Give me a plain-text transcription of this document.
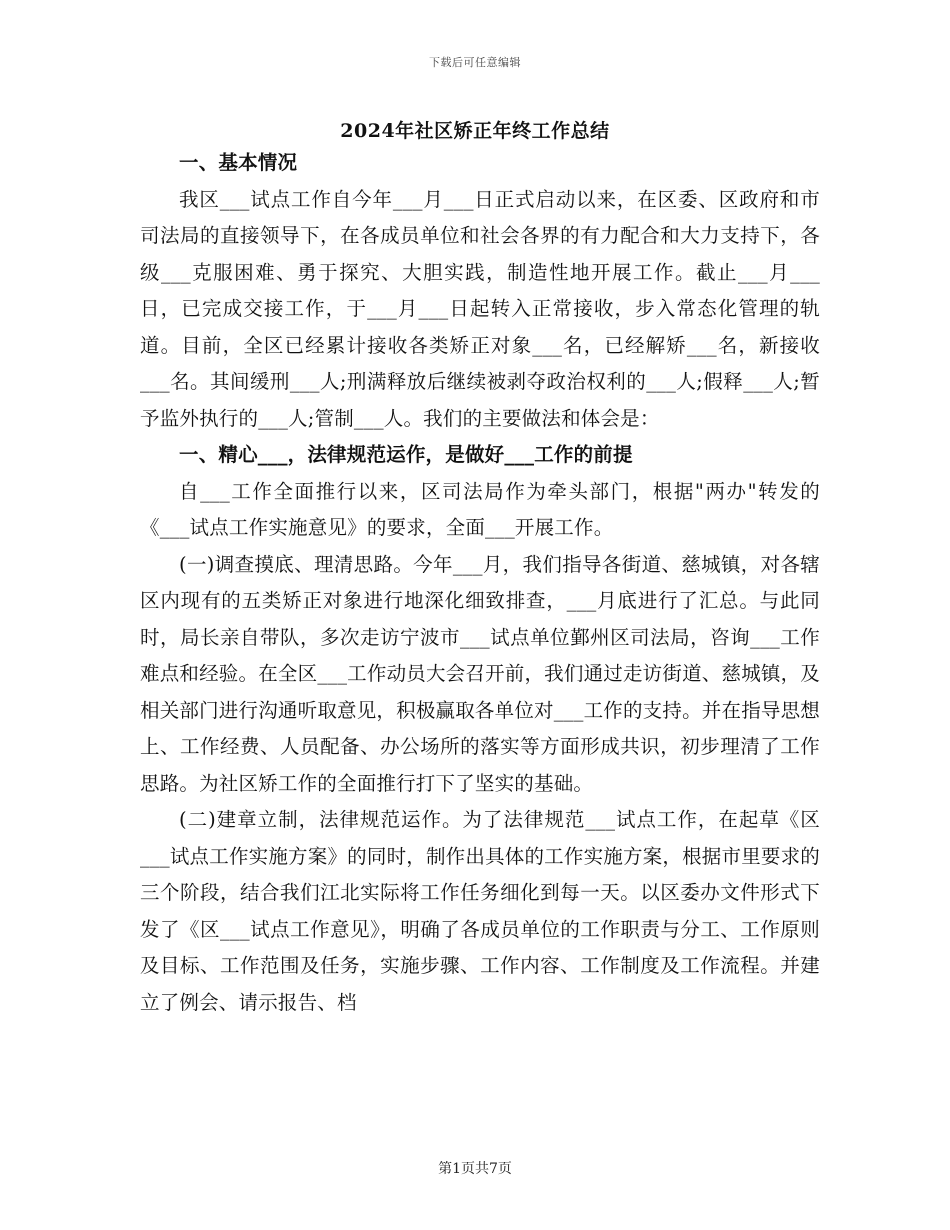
下载后可任意编辑
2024年社区矫正年终工作总结
一、基本情况

我区___试点工作自今年___月___日正式启动以来，在区委、区政府和市司法局的直接领导下，在各成员单位和社会各界的有力配合和大力支持下，各级___克服困难、勇于探究、大胆实践，制造性地开展工作。截止___月___日，已完成交接工作，于___月___日起转入正常接收，步入常态化管理的轨道。目前，全区已经累计接收各类矫正对象___名，已经解矫___名，新接收___名。其间缓刑___人;刑满释放后继续被剥夺政治权利的___人;假释___人;暂予监外执行的___人;管制___人。我们的主要做法和体会是：

一、精心___，法律规范运作，是做好___工作的前提

自___工作全面推行以来，区司法局作为牵头部门，根据"两办"转发的《___试点工作实施意见》的要求，全面___开展工作。

(一)调查摸底、理清思路。今年___月，我们指导各街道、慈城镇，对各辖区内现有的五类矫正对象进行地深化细致排查，___月底进行了汇总。与此同时，局长亲自带队，多次走访宁波市___试点单位鄞州区司法局，咨询___工作难点和经验。在全区___工作动员大会召开前，我们通过走访街道、慈城镇，及相关部门进行沟通听取意见，积极赢取各单位对___工作的支持。并在指导思想上、工作经费、人员配备、办公场所的落实等方面形成共识，初步理清了工作思路。为社区矫工作的全面推行打下了坚实的基础。

(二)建章立制，法律规范运作。为了法律规范___试点工作，在起草《区___试点工作实施方案》的同时，制作出具体的工作实施方案，根据市里要求的三个阶段，结合我们江北实际将工作任务细化到每一天。以区委办文件形式下发了《区___试点工作意见》，明确了各成员单位的工作职责与分工、工作原则及目标、工作范围及任务，实施步骤、工作内容、工作制度及工作流程。并建立了例会、请示报告、档

第1页共7页
